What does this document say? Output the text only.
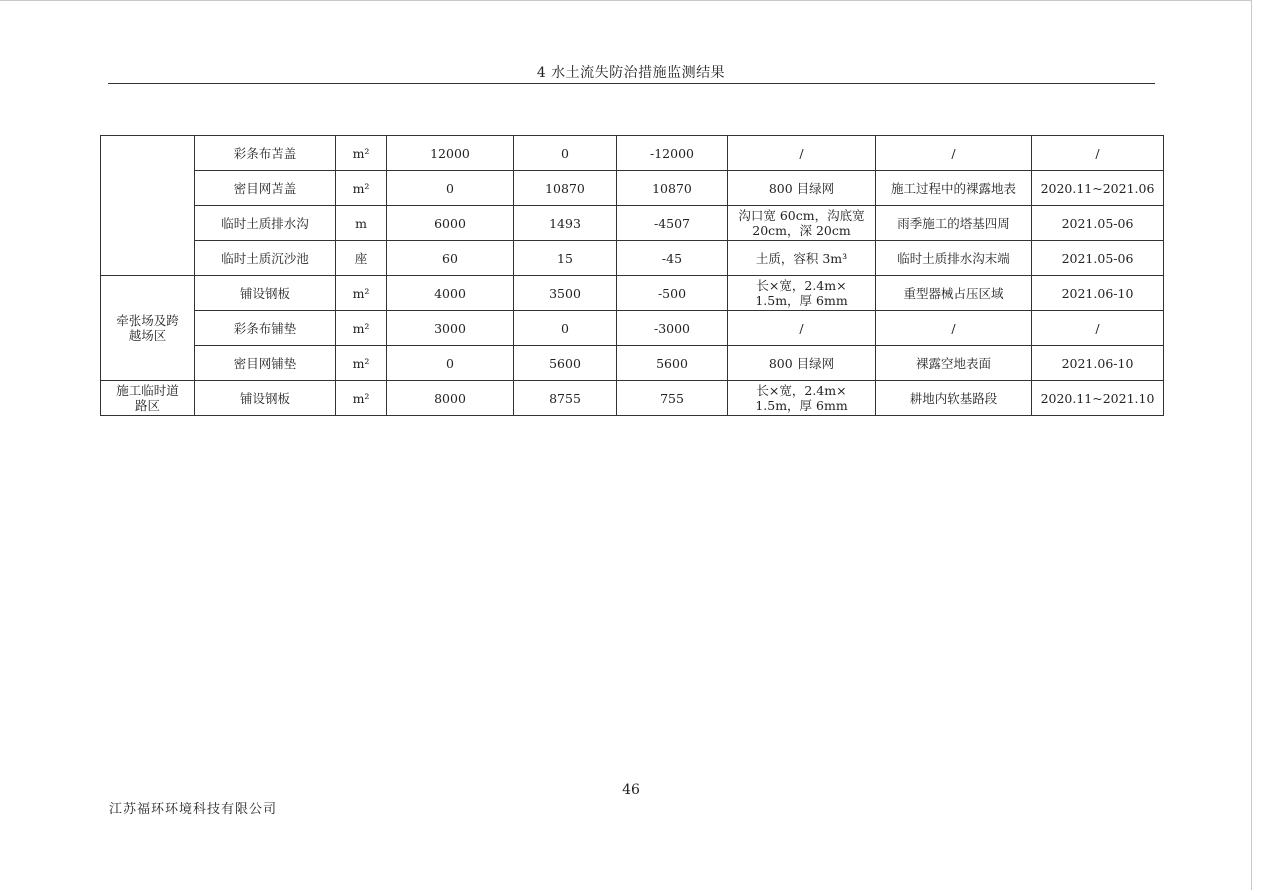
4 水土流失防治措施监测结果
	彩条布苫盖	m²	12000	0	-12000	/	/	/
	密目网苫盖	m²	0	10870	10870	800 目绿网	施工过程中的裸露地表	2020.11~2021.06
	临时土质排水沟	m	6000	1493	-4507	沟口宽 60cm，沟底宽
20cm，深 20cm	雨季施工的塔基四周	2021.05-06
	临时土质沉沙池	座	60	15	-45	土质，容积 3m³	临时土质排水沟末端	2021.05-06
牵张场及跨
越场区	铺设钢板	m²	4000	3500	-500	长×宽，2.4m×
1.5m，厚 6mm	重型器械占压区域	2021.06-10
	彩条布铺垫	m²	3000	0	-3000	/	/	/
	密目网铺垫	m²	0	5600	5600	800 目绿网	裸露空地表面	2021.06-10
施工临时道
路区	铺设钢板	m²	8000	8755	755	长×宽，2.4m×
1.5m，厚 6mm	耕地内软基路段	2020.11~2021.10
46
江苏福环环境科技有限公司
